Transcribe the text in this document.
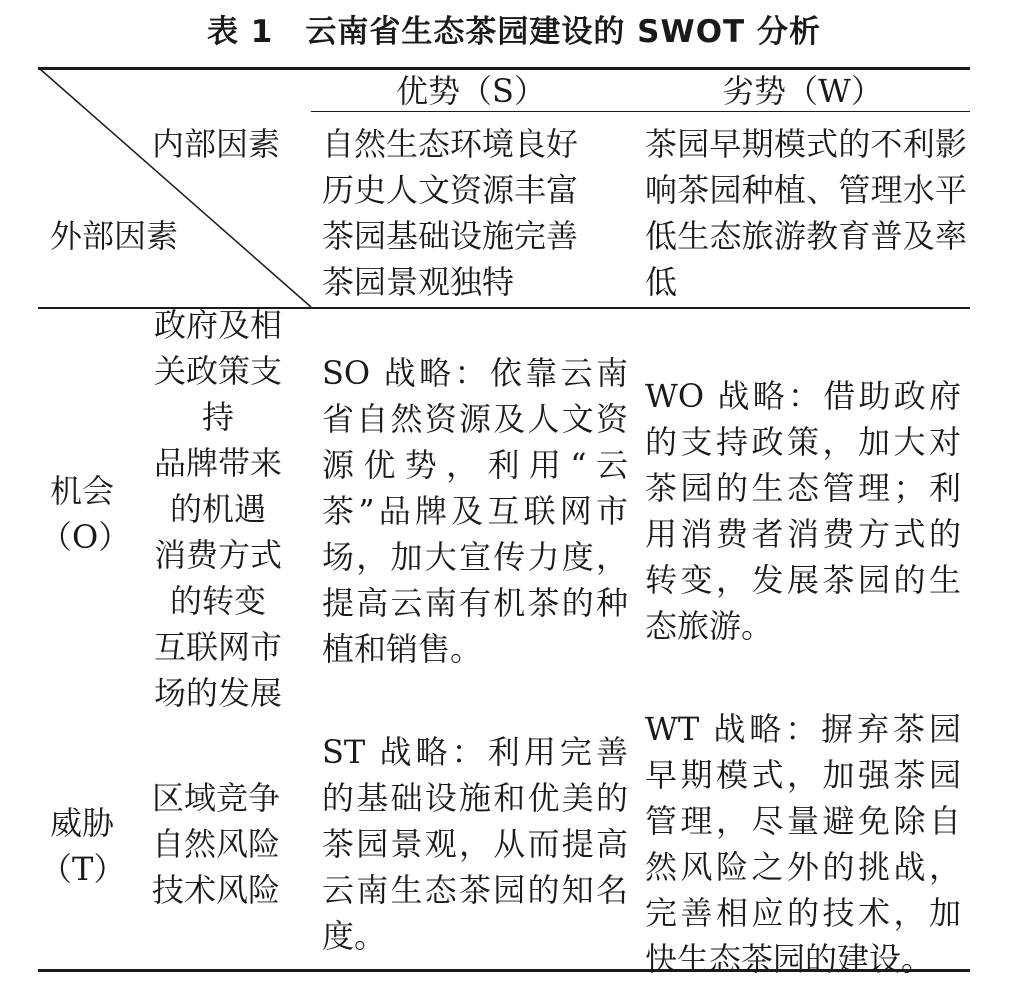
表 1　云南省生态茶园建设的 SWOT 分析
内部因素
外部因素
优势（S）	劣势（W）
自然生态环境良好
历史人文资源丰富
茶园基础设施完善
茶园景观独特
茶园早期模式的不利影响茶园种植、管理水平低生态旅游教育普及率低
机会
（O）
政府及相
关政策支
持
品牌带来
的机遇
消费方式
的转变
互联网市
场的发展
SO 战略：依靠云南省自然资源及人文资源优势，利用“云茶”品牌及互联网市场，加大宣传力度，提高云南有机茶的种植和销售。
WO 战略：借助政府的支持政策，加大对茶园的生态管理；利用消费者消费方式的转变，发展茶园的生态旅游。
威胁
（T）
区域竞争
自然风险
技术风险
ST 战略：利用完善的基础设施和优美的茶园景观，从而提高云南生态茶园的知名度。
WT 战略：摒弃茶园早期模式，加强茶园管理，尽量避免除自然风险之外的挑战，完善相应的技术，加快生态茶园的建设。
